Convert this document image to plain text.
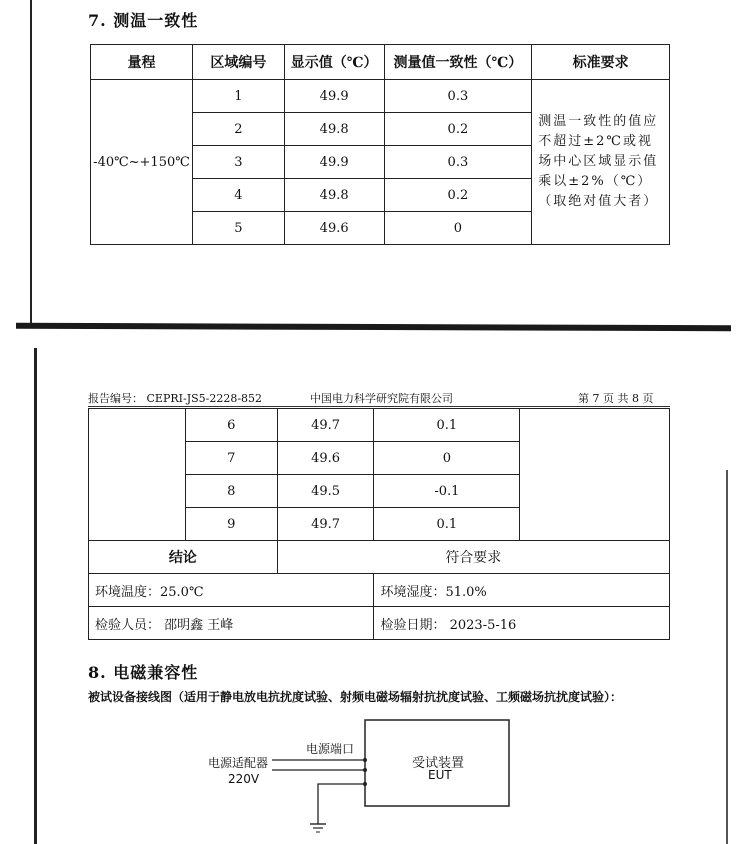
7. 测温一致性
量程	区域编号	显示值（℃）	测量值一致性（℃）	标准要求
-40℃~+150℃	1	49.9	0.3	测温一致性的值应不超过±2℃或视场中心区域显示值乘以±2%（℃）（取绝对值大者）
	2	49.8	0.2	
	3	49.9	0.3	
	4	49.8	0.2	
	5	49.6	0	
报告编号： CEPRI-JS5-2228-852	中国电力科学研究院有限公司	第 7 页 共 8 页
	6	49.7	0.1	
	7	49.6	0	
	8	49.5	-0.1	
	9	49.7	0.1	
结论		符合要求		
环境温度：25.0℃			环境湿度：51.0%	
检验人员： 邵明鑫 王峰			检验日期： 2023-5-16	
8. 电磁兼容性
被试设备接线图（适用于静电放电抗扰度试验、射频电磁场辐射抗扰度试验、工频磁场抗扰度试验）：
电源端口
电源适配器
220V
受试装置
EUT
